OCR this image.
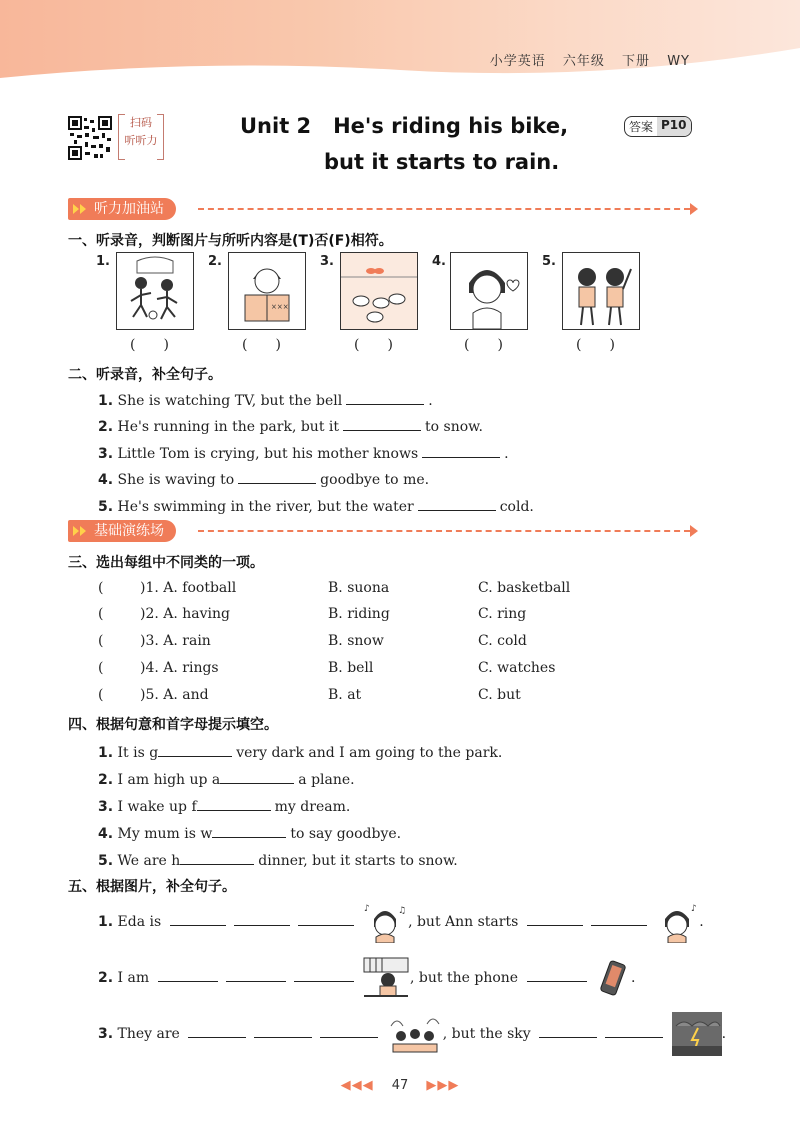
小学英语 六年级 下册 WY
扫码
听听力
Unit 2   He's riding his bike,
but it starts to rain.
答案 P10
听力加油站
一、听录音，判断图片与所听内容是(T)否(F)相符。
1.	2.
×××
3.	4.	5.
(　　)	(　　)	(　　)	(　　)	(　　)
二、听录音，补全句子。
1. She is watching TV, but the bell	.
2. He's running in the park, but it	to snow.
3. Little Tom is crying, but his mother knows	.
4. She is waving to	goodbye to me.
5. He's swimming in the river, but the water	cold.
基础演练场
三、选出每组中不同类的一项。
(	)1. A. football	B. suona	C. basketball
(	)2. A. having	B. riding	C. ring
(	)3. A. rain	B. snow	C. cold
(	)4. A. rings	B. bell	C. watches
(	)5. A. and	B. at	C. but
四、根据句意和首字母提示填空。
1. It is g	very dark and I am going to the park.
2. I am high up a	a plane.
3. I wake up f	my dream.
4. My mum is w	to say goodbye.
5. We are h	dinner, but it starts to snow.
五、根据图片，补全句子。
1. Eda is
♪	♫
, but Ann starts
♪
.
2. I am	, but the phone	.
3. They are	, but the sky	.
◀◀◀ 47 ▶▶▶
